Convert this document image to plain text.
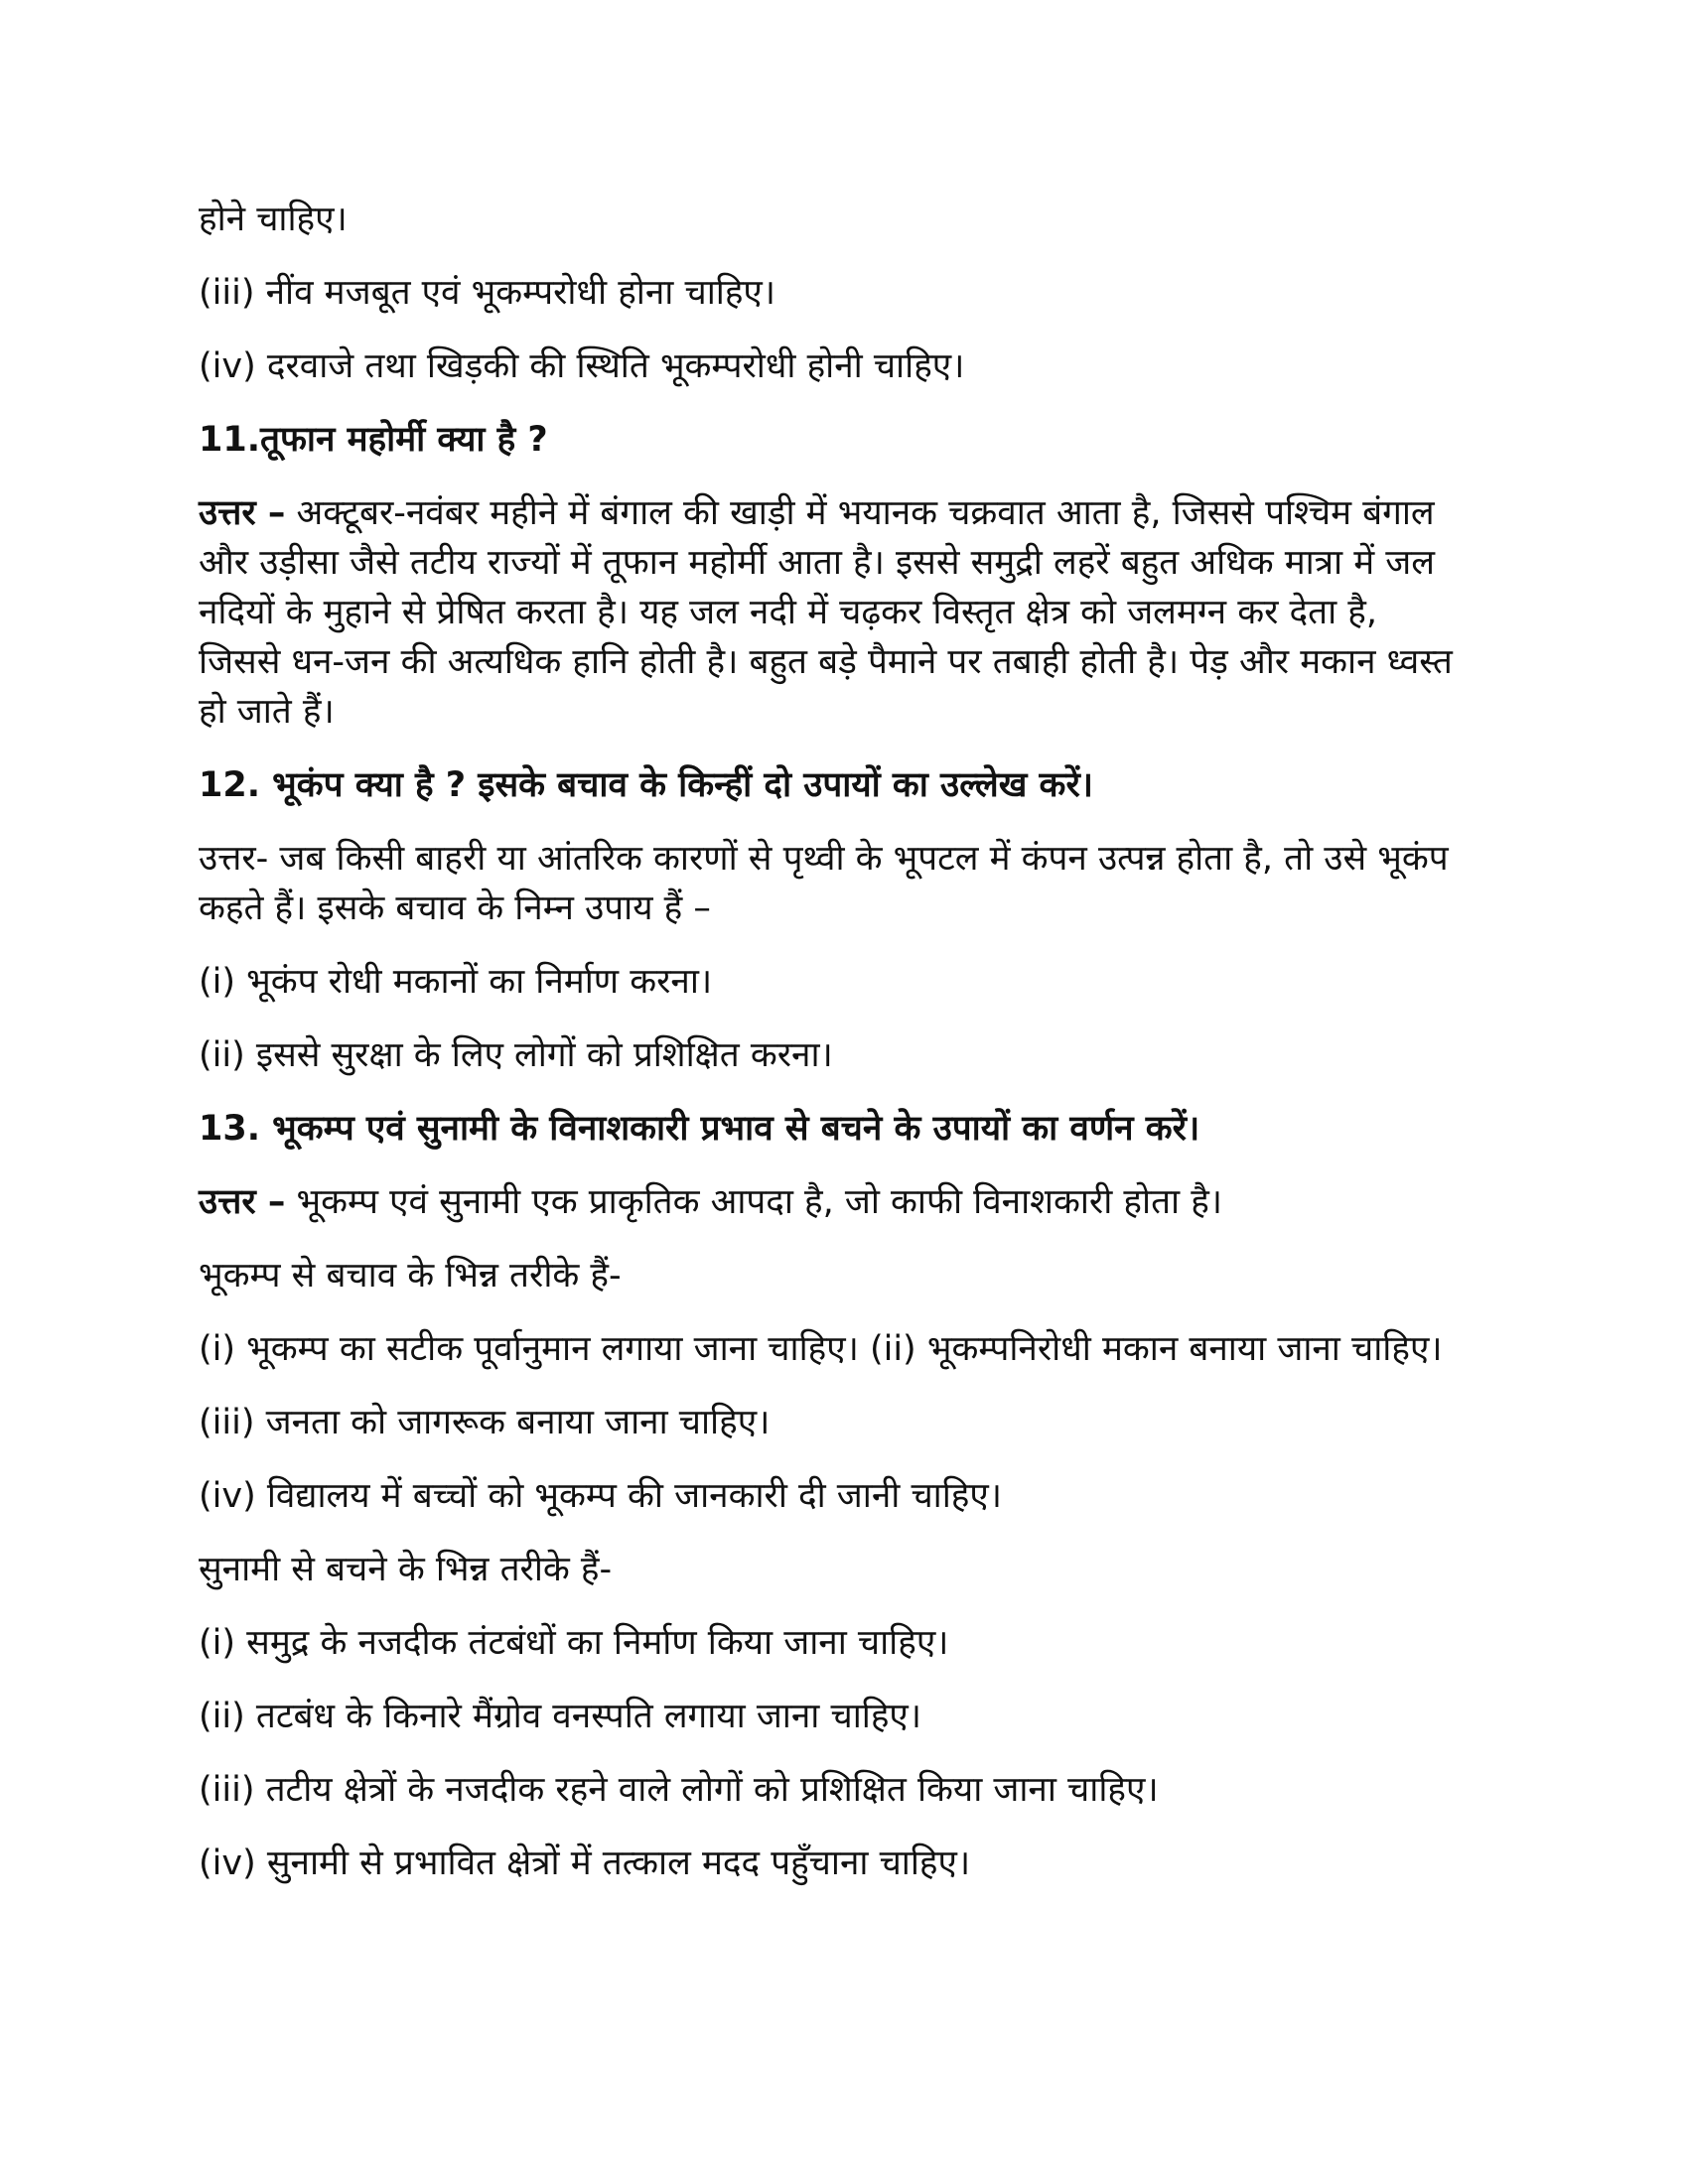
होने चाहिए।
(iii) नींव मजबूत एवं भूकम्परोधी होना चाहिए।
(iv) दरवाजे तथा खिड़की की स्थिति भूकम्परोधी होनी चाहिए।
11.तूफान महोर्मी क्या है ?
उत्तर – अक्टूबर-नवंबर महीने में बंगाल की खाड़ी में भयानक चक्रवात आता है, जिससे पश्चिम बंगाल और उड़ीसा जैसे तटीय राज्यों में तूफान महोर्मी आता है। इससे समुद्री लहरें बहुत अधिक मात्रा में जल नदियों के मुहाने से प्रेषित करता है। यह जल नदी में चढ़कर विस्तृत क्षेत्र को जलमग्न कर देता है, जिससे धन-जन की अत्यधिक हानि होती है। बहुत बड़े पैमाने पर तबाही होती है। पेड़ और मकान ध्वस्त हो जाते हैं।
12. भूकंप क्या है ? इसके बचाव के किन्हीं दो उपायों का उल्लेख करें।
उत्तर- जब किसी बाहरी या आंतरिक कारणों से पृथ्वी के भूपटल में कंपन उत्पन्न होता है, तो उसे भूकंप कहते हैं। इसके बचाव के निम्न उपाय हैं –
(i) भूकंप रोधी मकानों का निर्माण करना।
(ii) इससे सुरक्षा के लिए लोगों को प्रशिक्षित करना।
13. भूकम्प एवं सुनामी के विनाशकारी प्रभाव से बचने के उपायों का वर्णन करें।
उत्तर – भूकम्प एवं सुनामी एक प्राकृतिक आपदा है, जो काफी विनाशकारी होता है।
भूकम्प से बचाव के भिन्न तरीके हैं-
(i) भूकम्प का सटीक पूर्वानुमान लगाया जाना चाहिए। (ii) भूकम्पनिरोधी मकान बनाया जाना चाहिए।
(iii) जनता को जागरूक बनाया जाना चाहिए।
(iv) विद्यालय में बच्चों को भूकम्प की जानकारी दी जानी चाहिए।
सुनामी से बचने के भिन्न तरीके हैं-
(i) समुद्र के नजदीक तंटबंधों का निर्माण किया जाना चाहिए।
(ii) तटबंध के किनारे मैंग्रोव वनस्पति लगाया जाना चाहिए।
(iii) तटीय क्षेत्रों के नजदीक रहने वाले लोगों को प्रशिक्षित किया जाना चाहिए।
(iv) सुनामी से प्रभावित क्षेत्रों में तत्काल मदद पहुँचाना चाहिए।
